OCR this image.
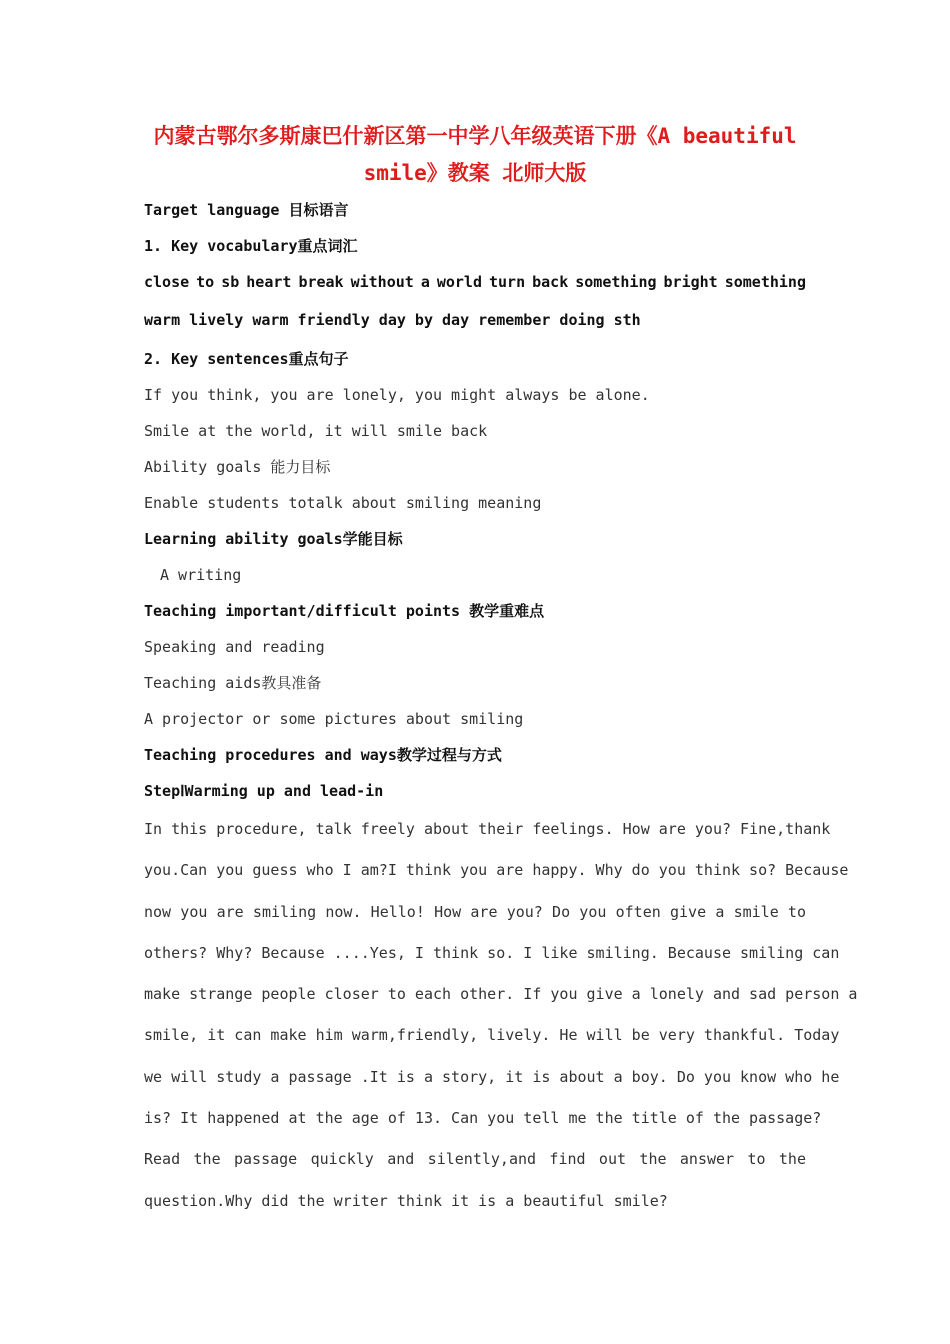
内蒙古鄂尔多斯康巴什新区第一中学八年级英语下册《A beautiful
smile》教案 北师大版
Target language 目标语言
1. Key vocabulary重点词汇
close to sb heart break without a world turn back something bright something
warm lively warm friendly day by day remember doing sth
2. Key sentences重点句子
If you think, you are lonely, you might always be alone.
Smile at the world, it will smile back
Ability goals 能力目标
Enable students totalk about smiling meaning
Learning ability goals学能目标
A writing
Teaching important/difficult points 教学重难点
Speaking and reading
Teaching aids教具准备
A projector or some pictures about smiling
Teaching procedures and ways教学过程与方式
StepⅠWarming up and lead-in
In this procedure, talk freely about their feelings. How are you? Fine,thank
you.Can you guess who I am?I think you are happy. Why do you think so? Because
now you are smiling now. Hello! How are you? Do you often give a smile to
others? Why? Because ....Yes, I think so. I like smiling. Because smiling can
make strange people closer to each other. If you give a lonely and sad person a
smile, it can make him warm,friendly, lively. He will be very thankful. Today
we will study a passage .It is a story, it is about a boy. Do you know who he
is? It happened at the age of 13. Can you tell me the title of the passage?
Read the passage quickly and silently,and find out the answer to the
question.Why did the writer think it is a beautiful smile?
